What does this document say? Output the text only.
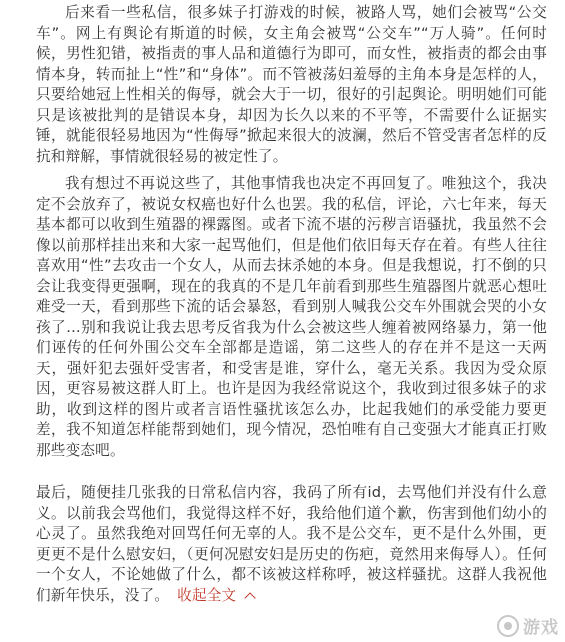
后来看一些私信，很多妹子打游戏的时候，被路人骂，她们会被骂“公交车”。网上有舆论有斯道的时候，女主角会被骂“公交车”“万人骑”。任何时候，男性犯错，被指责的事人品和道德行为即可，而女性，被指责的都会由事情本身，转而扯上“性”和“身体”。而不管被荡妇羞辱的主角本身是怎样的人，只要给她冠上性相关的侮辱，就会大于一切，很好的引起舆论。明明她们可能只是该被批判的是错误本身，却因为长久以来的不平等，不需要什么证据实锤，就能很轻易地因为“性侮辱”掀起来很大的波澜，然后不管受害者怎样的反抗和辩解，事情就很轻易的被定性了。

我有想过不再说这些了，其他事情我也决定不再回复了。唯独这个，我决定不会放弃了，被说女权癌也好什么也罢。我的私信，评论，六七年来，每天基本都可以收到生殖器的裸露图。或者下流不堪的污秽言语骚扰，我虽然不会像以前那样挂出来和大家一起骂他们，但是他们依旧每天存在着。有些人往往喜欢用“性”去攻击一个女人，从而去抹杀她的本身。但是我想说，打不倒的只会让我变得更强啊，现在的我真的不是几年前看到那些生殖器图片就恶心想吐难受一天，看到那些下流的话会暴怒，看到别人喊我公交车外围就会哭的小女孩了…别和我说让我去思考反省我为什么会被这些人缠着被网络暴力，第一他们诬传的任何外围公交车全部都是造谣，第二这些人的存在并不是这一天两天，强奸犯去强奸受害者，和受害是谁，穿什么，毫无关系。我因为受众原因，更容易被这群人盯上。也许是因为我经常说这个，我收到过很多妹子的求助，收到这样的图片或者言语性骚扰该怎么办，比起我她们的承受能力要更差，我不知道怎样能帮到她们，现今情况，恐怕唯有自己变强大才能真正打败那些变态吧。

最后，随便挂几张我的日常私信内容，我码了所有id，去骂他们并没有什么意义。以前我会骂他们，我觉得这样不好，我给他们道个歉，伤害到他们幼小的心灵了。虽然我绝对回骂任何无辜的人。我不是公交车，更不是什么外围，更更更不是什么慰安妇，（更何况慰安妇是历史的伤疤，竟然用来侮辱人）。任何一个女人，不论她做了什么，都不该被这样称呼，被这样骚扰。这群人我祝他们新年快乐，没了。 收起全文

游戏
